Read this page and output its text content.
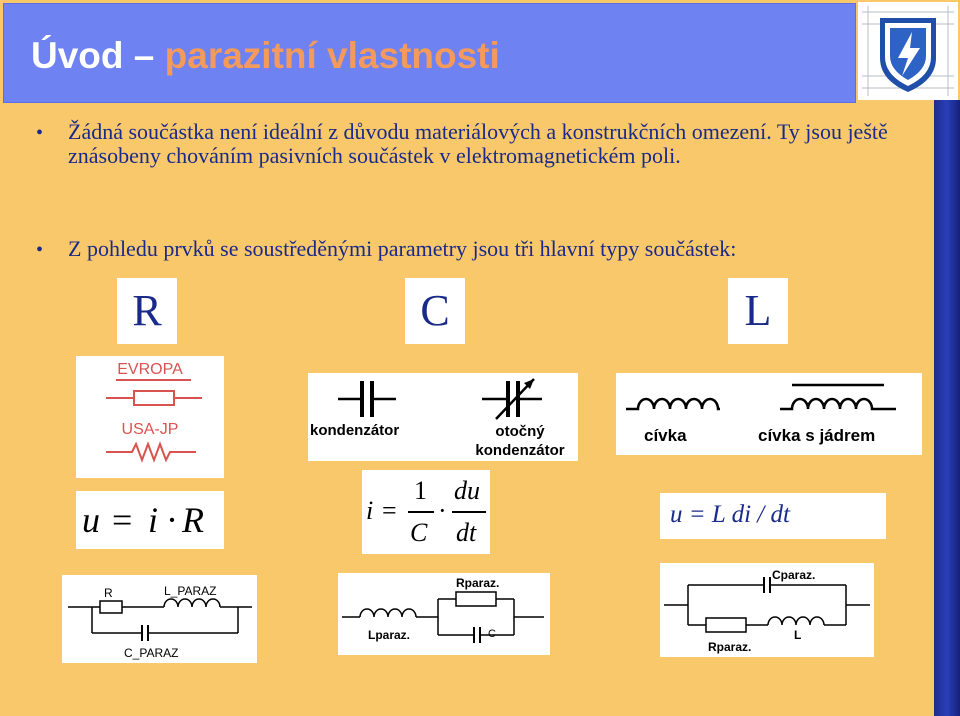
Úvod – parazitní vlastnosti
• Žádná součástka není ideální z důvodu materiálových a konstrukčních omezení. Ty jsou ještě znásobeny chováním pasivních součástek v elektromagnetickém poli.
• Z pohledu prvků se soustředěnými parametry jsou tři hlavní typy součástek:
R	C	L
EVROPA
USA-JP	kondenzátor	otočný
kondenzátor
cívka	cívka s jádrem
u = i · R	i =
1
C
·
du
dt
u = L di / dt
R	L_PARAZ
C_PARAZ
Rparaz.
Lparaz.	C
Cparaz.
Rparaz.
L
